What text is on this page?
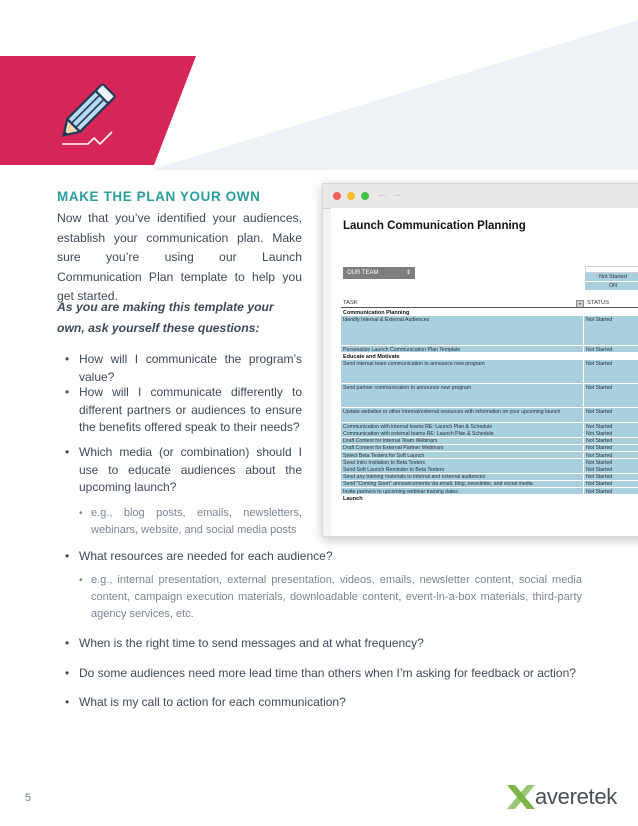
MAKE THE PLAN YOUR OWN

Now that you’ve identified your audiences, establish your communication plan. Make sure you’re using our Launch Communication Plan template to help you get started.

As you are making this template your own, ask yourself these questions:

• How will I communicate the program’s value?
• How will I communicate differently to different partners or audiences to ensure the benefits offered speak to their needs?
• Which media (or combination) should I use to educate audiences about the upcoming launch?
• e.g., blog posts, emails, newsletters, webinars, website, and social media posts
• What resources are needed for each audience?
• e.g., internal presentation, external presentation, videos, emails, newsletter content, social media content, campaign execution materials, downloadable content, event-in-a-box materials, third-party agency services, etc.
• When is the right time to send messages and at what frequency?
• Do some audiences need more lead time than others when I’m asking for feedback or action?
• What is my call to action for each communication?
← →
Launch Communication Planning
OUR TEAM	⇕
Not Started
ON
TASK	▾	STATUS
Communication Planning
Identify Internal & External Audiences	Not Started
Personalize Launch Communication Plan Template	Not Started
Educate and Motivate
Send internal team communication to announce new program	Not Started
Send partner communication to announce new program	Not Started
Update websites or other internal/external resources with information on your upcoming launch	Not Started
Communication with internal teams RE: Launch Plan & Schedule	Not Started
Communication with external teams RE: Launch Plan & Schedule	Not Started
Draft Content for Internal Team Webinars	Not Started
Draft Content for External Partner Webinars	Not Started
Select Beta Testers for Soft Launch	Not Started
Send Intro Invitation to Beta Testers	Not Started
Send Soft Launch Reminder to Beta Testers	Not Started
Send any training materials to internal and external audiences	Not Started
Send "Coming Soon" announcements via email, blog, newsletter, and social media	Not Started
Invite partners to upcoming webinar training dates	Not Started
Launch
5	averetek
